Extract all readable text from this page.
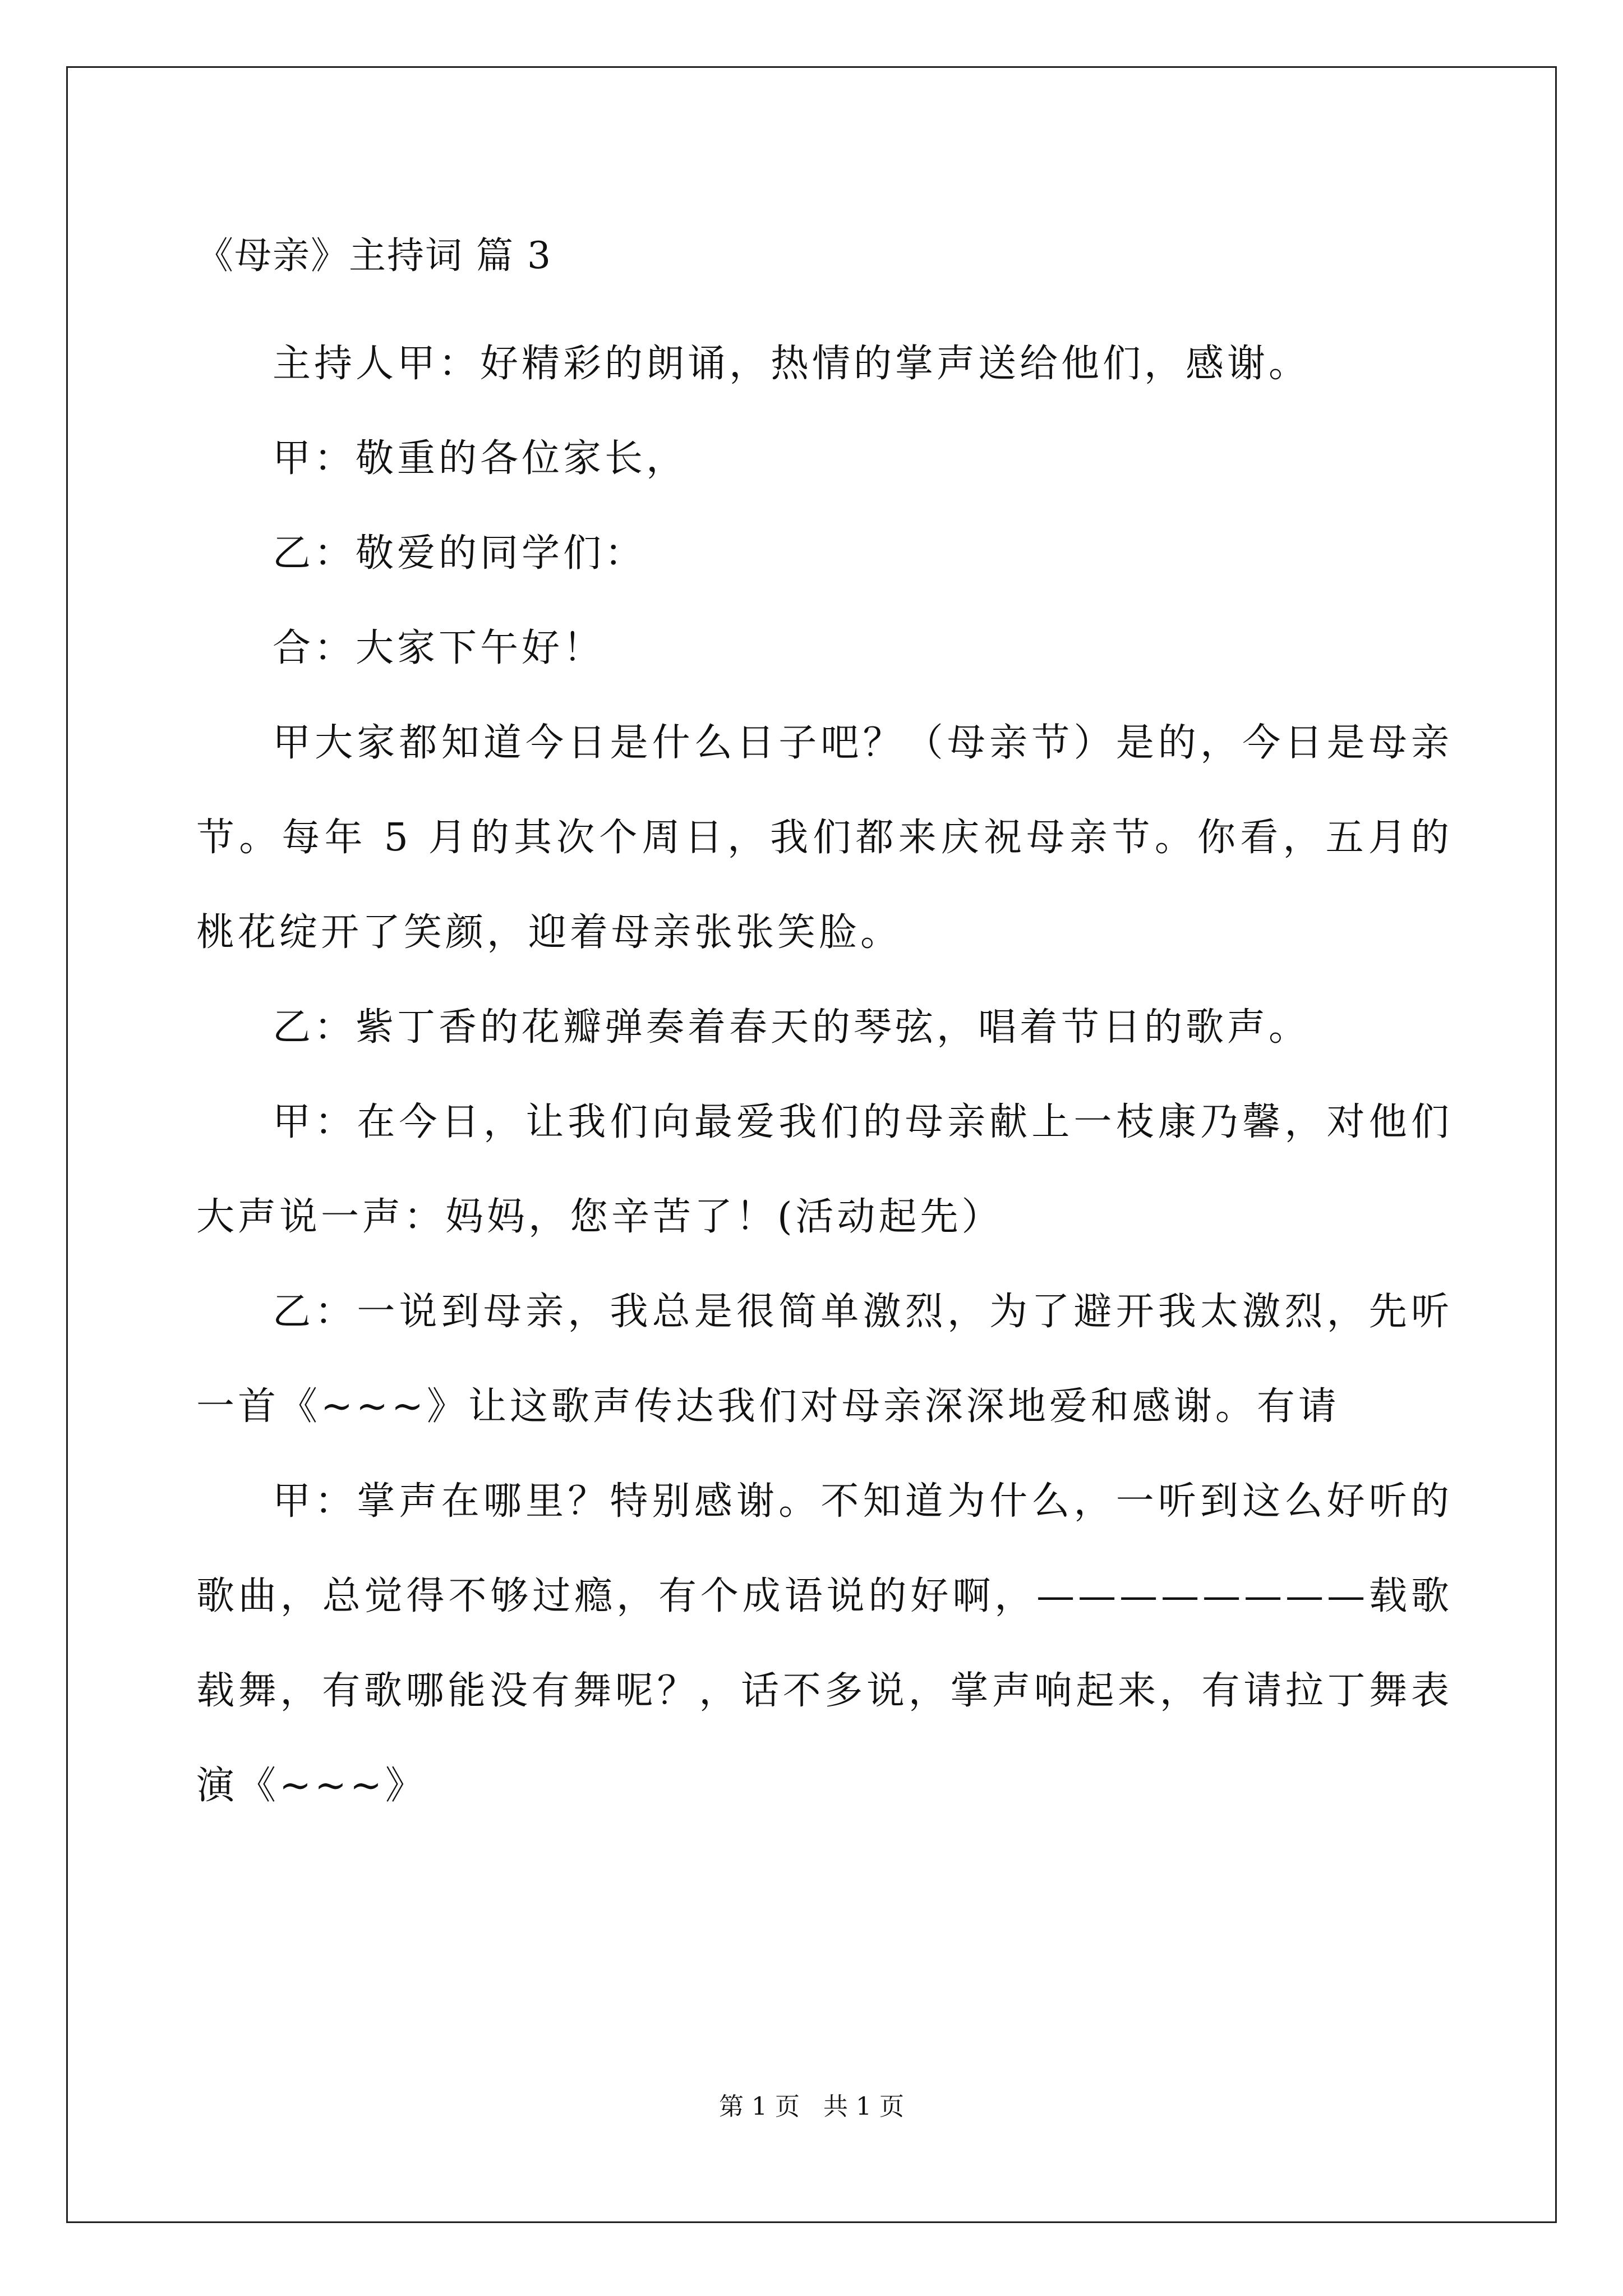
《母亲》主持词 篇 3

主持人甲：好精彩的朗诵，热情的掌声送给他们，感谢。

甲：敬重的各位家长，

乙：敬爱的同学们：

合：大家下午好！

甲大家都知道今日是什么日子吧？（母亲节）是的，今日是母亲节。每年 5 月的其次个周日，我们都来庆祝母亲节。你看，五月的桃花绽开了笑颜，迎着母亲张张笑脸。

乙：紫丁香的花瓣弹奏着春天的琴弦，唱着节日的歌声。

甲：在今日，让我们向最爱我们的母亲献上一枝康乃馨，对他们大声说一声：妈妈，您辛苦了！(活动起先）

乙：一说到母亲，我总是很简单激烈，为了避开我太激烈，先听一首《~~~》让这歌声传达我们对母亲深深地爱和感谢。有请

甲：掌声在哪里？特别感谢。不知道为什么，一听到这么好听的歌曲，总觉得不够过瘾，有个成语说的好啊，————————载歌载舞，有歌哪能没有舞呢？，话不多说，掌声响起来，有请拉丁舞表演《~~~》

第 1 页   共 1 页
